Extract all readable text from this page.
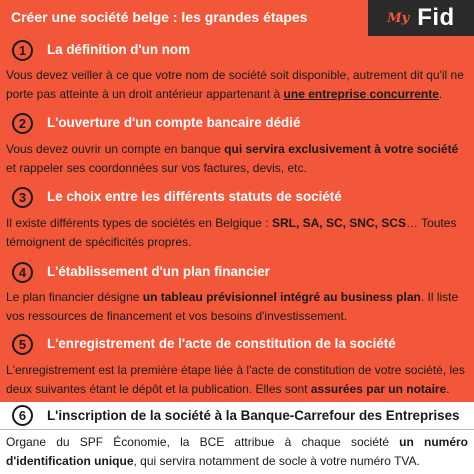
Créer une société belge : les grandes étapes	My Fid
1	La définition d'un nom
Vous devez veiller à ce que votre nom de société soit disponible, autrement dit qu'il ne porte pas atteinte à un droit antérieur appartenant à une entreprise concurrente.
2	L'ouverture d'un compte bancaire dédié
Vous devez ouvrir un compte en banque qui servira exclusivement à votre société et rappeler ses coordonnées sur vos factures, devis, etc.
3	Le choix entre les différents statuts de société
Il existe différents types de sociétés en Belgique : SRL, SA, SC, SNC, SCS… Toutes témoignent de spécificités propres.
4	L'établissement d'un plan financier
Le plan financier désigne un tableau prévisionnel intégré au business plan. Il liste vos ressources de financement et vos besoins d'investissement.
5	L'enregistrement de l'acte de constitution de la société
L'enregistrement est la première étape liée à l'acte de constitution de votre société, les deux suivantes étant le dépôt et la publication. Elles sont assurées par un notaire.
6	L'inscription de la société à la Banque-Carrefour des Entreprises
Organe du SPF Économie, la BCE attribue à chaque société un numéro d'identification unique, qui servira notamment de socle à votre numéro TVA.
